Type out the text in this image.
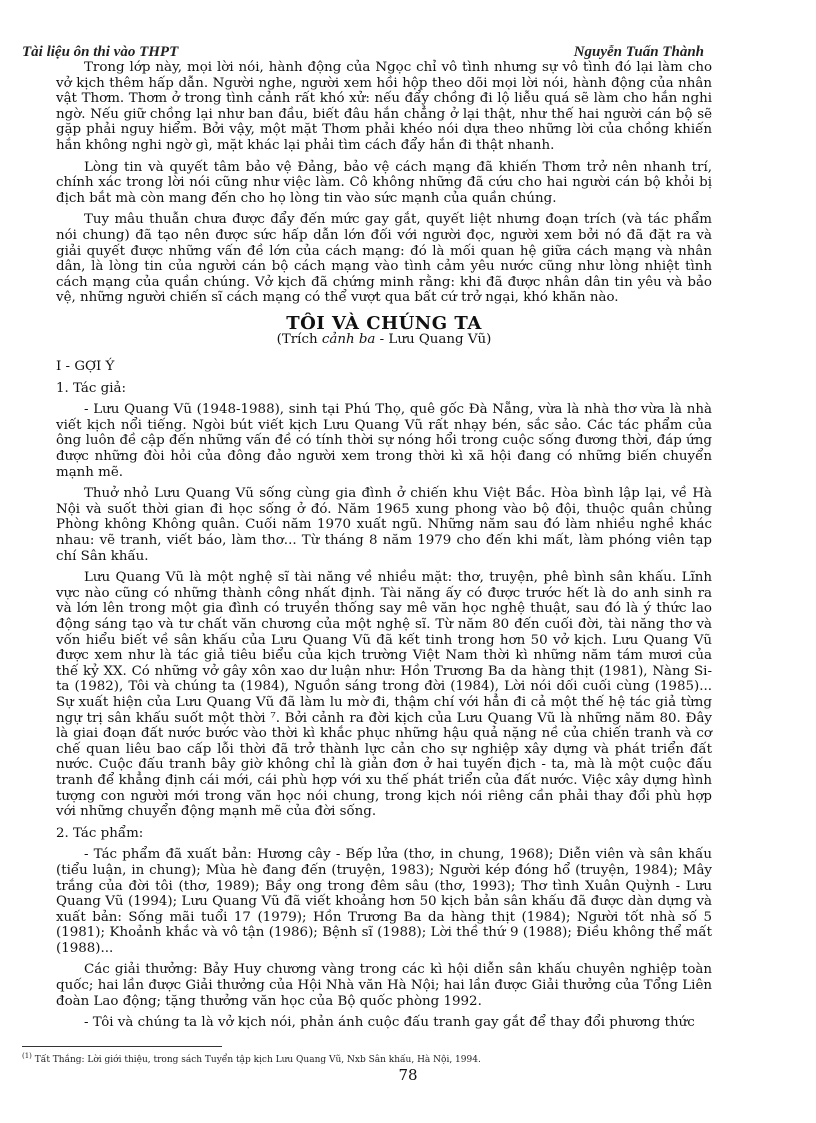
Tài liệu ôn thi vào THPT	Nguyễn Tuấn Thành

Trong lớp này, mọi lời nói, hành động của Ngọc chỉ vô tình nhưng sự vô tình đó lại làm cho vở kịch thêm hấp dẫn. Người nghe, người xem hồi hộp theo dõi mọi lời nói, hành động của nhân vật Thơm. Thơm ở trong tình cảnh rất khó xử: nếu đẩy chồng đi lộ liễu quá sẽ làm cho hắn nghi ngờ. Nếu giữ chồng lại như ban đầu, biết đâu hắn chẳng ở lại thật, như thế hai người cán bộ sẽ gặp phải nguy hiểm. Bởi vậy, một mặt Thơm phải khéo nói dựa theo những lời của chồng khiến hắn không nghi ngờ gì, mặt khác lại phải tìm cách đẩy hắn đi thật nhanh.

Lòng tin và quyết tâm bảo vệ Đảng, bảo vệ cách mạng đã khiến Thơm trở nên nhanh trí, chính xác trong lời nói cũng như việc làm. Cô không những đã cứu cho hai người cán bộ khỏi bị địch bắt mà còn mang đến cho họ lòng tin vào sức mạnh của quần chúng.

Tuy mâu thuẫn chưa được đẩy đến mức gay gắt, quyết liệt nhưng đoạn trích (và tác phẩm nói chung) đã tạo nên được sức hấp dẫn lớn đối với người đọc, người xem bởi nó đã đặt ra và giải quyết được những vấn đề lớn của cách mạng: đó là mối quan hệ giữa cách mạng và nhân dân, là lòng tin của người cán bộ cách mạng vào tình cảm yêu nước cũng như lòng nhiệt tình cách mạng của quần chúng. Vở kịch đã chứng minh rằng: khi đã được nhân dân tin yêu và bảo vệ, những người chiến sĩ cách mạng có thể vượt qua bất cứ trở ngại, khó khăn nào.

TÔI VÀ CHÚNG TA
(Trích cảnh ba - Lưu Quang Vũ)

I - GỢI Ý

1. Tác giả:

- Lưu Quang Vũ (1948-1988), sinh tại Phú Thọ, quê gốc Đà Nẵng, vừa là nhà thơ vừa là nhà viết kịch nổi tiếng. Ngòi bút viết kịch Lưu Quang Vũ rất nhạy bén, sắc sảo. Các tác phẩm của ông luôn đề cập đến những vấn đề có tính thời sự nóng hổi trong cuộc sống đương thời, đáp ứng được những đòi hỏi của đông đảo người xem trong thời kì xã hội đang có những biến chuyển mạnh mẽ.

Thuở nhỏ Lưu Quang Vũ sống cùng gia đình ở chiến khu Việt Bắc. Hòa bình lập lại, về Hà Nội và suốt thời gian đi học sống ở đó. Năm 1965 xung phong vào bộ đội, thuộc quân chủng Phòng không Không quân. Cuối năm 1970 xuất ngũ. Những năm sau đó làm nhiều nghề khác nhau: vẽ tranh, viết báo, làm thơ... Từ tháng 8 năm 1979 cho đến khi mất, làm phóng viên tạp chí Sân khấu.

Lưu Quang Vũ là một nghệ sĩ tài năng về nhiều mặt: thơ, truyện, phê bình sân khấu. Lĩnh vực nào cũng có những thành công nhất định. Tài năng ấy có được trước hết là do anh sinh ra và lớn lên trong một gia đình có truyền thống say mê văn học nghệ thuật, sau đó là ý thức lao động sáng tạo và tư chất văn chương của một nghệ sĩ. Từ năm 80 đến cuối đời, tài năng thơ và vốn hiểu biết về sân khấu của Lưu Quang Vũ đã kết tinh trong hơn 50 vở kịch. Lưu Quang Vũ được xem như là tác giả tiêu biểu của kịch trường Việt Nam thời kì những năm tám mươi của thế kỷ XX. Có những vở gây xôn xao dư luận như: Hồn Trương Ba da hàng thịt (1981), Nàng Si-ta (1982), Tôi và chúng ta (1984), Nguồn sáng trong đời (1984), Lời nói dối cuối cùng (1985)... Sự xuất hiện của Lưu Quang Vũ đã làm lu mờ đi, thậm chí với hẳn đi cả một thế hệ tác giả từng ngự trị sân khấu suốt một thời ⁷. Bởi cảnh ra đời kịch của Lưu Quang Vũ là những năm 80. Đây là giai đoạn đất nước bước vào thời kì khắc phục những hậu quả nặng nề của chiến tranh và cơ chế quan liêu bao cấp lỗi thời đã trở thành lực cản cho sự nghiệp xây dựng và phát triển đất nước. Cuộc đấu tranh bây giờ không chỉ là giản đơn ở hai tuyến địch - ta, mà là một cuộc đấu tranh để khẳng định cái mới, cái phù hợp với xu thế phát triển của đất nước. Việc xây dựng hình tượng con người mới trong văn học nói chung, trong kịch nói riêng cần phải thay đổi phù hợp với những chuyển động mạnh mẽ của đời sống.

2. Tác phẩm:

- Tác phẩm đã xuất bản: Hương cây - Bếp lửa (thơ, in chung, 1968); Diễn viên và sân khấu (tiểu luận, in chung); Mùa hè đang đến (truyện, 1983); Người kép đóng hổ (truyện, 1984); Mây trắng của đời tôi (thơ, 1989); Bầy ong trong đêm sâu (thơ, 1993); Thơ tình Xuân Quỳnh - Lưu Quang Vũ (1994); Lưu Quang Vũ đã viết khoảng hơn 50 kịch bản sân khấu đã được dàn dựng và xuất bản: Sống mãi tuổi 17 (1979); Hồn Trương Ba da hàng thịt (1984); Người tốt nhà số 5 (1981); Khoảnh khắc và vô tận (1986); Bệnh sĩ (1988); Lời thề thứ 9 (1988); Điều không thể mất (1988)...

Các giải thưởng: Bảy Huy chương vàng trong các kì hội diễn sân khấu chuyên nghiệp toàn quốc; hai lần được Giải thưởng của Hội Nhà văn Hà Nội; hai lần được Giải thưởng của Tổng Liên đoàn Lao động; tặng thưởng văn học của Bộ quốc phòng 1992.

- Tôi và chúng ta là vở kịch nói, phản ánh cuộc đấu tranh gay gắt để thay đổi phương thức

$^{(1)}$ Tất Thắng: Lời giới thiệu, trong sách Tuyển tập kịch Lưu Quang Vũ, Nxb Sân khấu, Hà Nội, 1994.
78
